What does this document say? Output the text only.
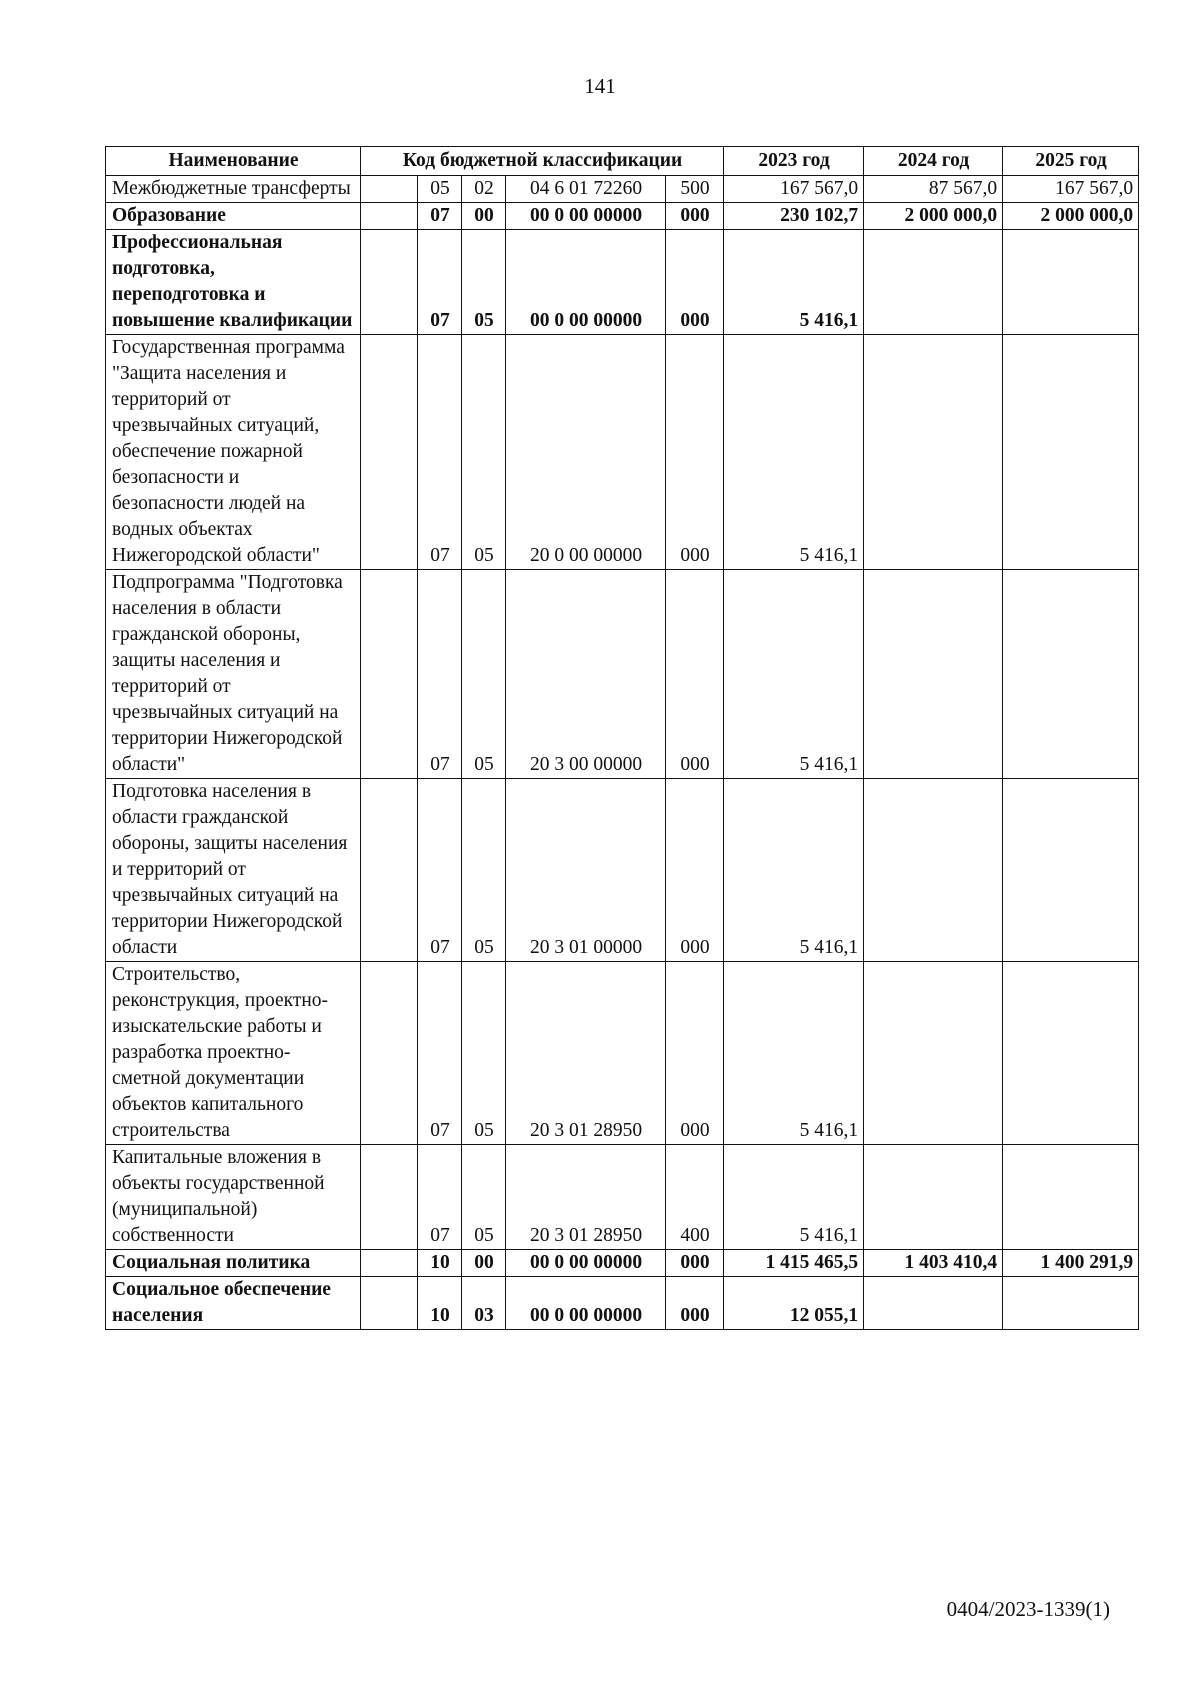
141
Наименование	Код бюджетной классификации					2023 год	2024 год	2025 год
Межбюджетные трансферты		05	02	04 6 01 72260	500	167 567,0	87 567,0	167 567,0
Образование		07	00	00 0 00 00000	000	230 102,7	2 000 000,0	2 000 000,0
Профессиональная подготовка, переподготовка и повышение квалификации		07	05	00 0 00 00000	000	5 416,1		
Государственная программа "Защита населения и территорий от чрезвычайных ситуаций, обеспечение пожарной безопасности и безопасности людей на водных объектах Нижегородской области"		07	05	20 0 00 00000	000	5 416,1		
Подпрограмма "Подготовка населения в области гражданской обороны, защиты населения и территорий от чрезвычайных ситуаций на территории Нижегородской области"		07	05	20 3 00 00000	000	5 416,1		
Подготовка населения в области гражданской обороны, защиты населения и территорий от чрезвычайных ситуаций на территории Нижегородской области		07	05	20 3 01 00000	000	5 416,1		
Строительство, реконструкция, проектно-изыскательские работы и разработка проектно-сметной документации объектов капитального строительства		07	05	20 3 01 28950	000	5 416,1		
Капитальные вложения в объекты государственной (муниципальной) собственности		07	05	20 3 01 28950	400	5 416,1		
Социальная политика		10	00	00 0 00 00000	000	1 415 465,5	1 403 410,4	1 400 291,9
Социальное обеспечение населения		10	03	00 0 00 00000	000	12 055,1		
0404/2023-1339(1)
